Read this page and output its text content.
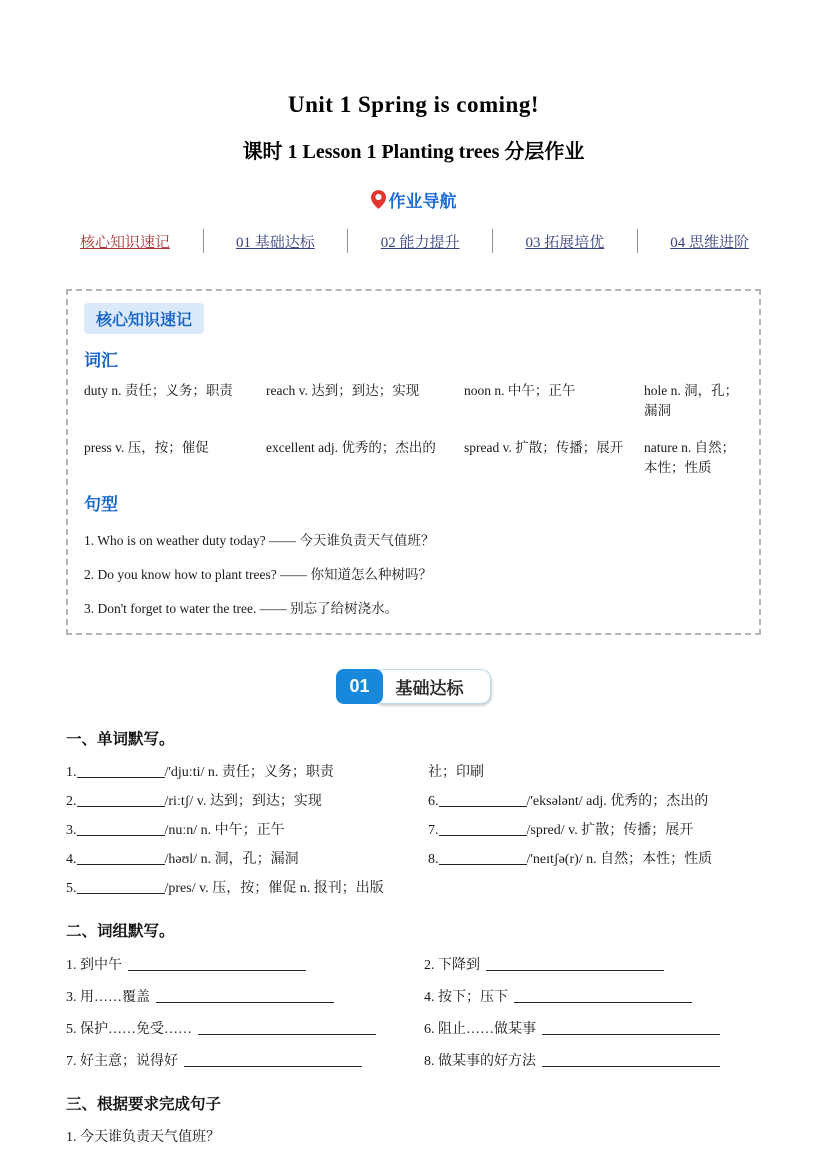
Unit 1 Spring is coming!
课时 1 Lesson 1 Planting trees 分层作业
作业导航
核心知识速记	01 基础达标	02 能力提升	03 拓展培优	04 思维进阶
核心知识速记
词汇
duty n. 责任；义务；职责	reach v. 达到；到达；实现	noon n. 中午；正午	hole n. 洞，孔；漏洞
press v. 压，按；催促	excellent adj. 优秀的；杰出的	spread v. 扩散；传播；展开	nature n. 自然；本性；性质
句型
1. Who is on weather duty today? —— 今天谁负责天气值班？
2. Do you know how to plant trees? —— 你知道怎么种树吗？
3. Don't forget to water the tree. —— 别忘了给树浇水。
01	基础达标
一、单词默写。
1.	/'djuːti/ n. 责任；义务；职责
2.	/riːtʃ/ v. 达到；到达；实现
3.	/nuːn/ n. 中午；正午
4.	/həʊl/ n. 洞，孔；漏洞
5.	/pres/ v. 压，按；催促 n. 报刊；出版
社；印刷
6.	/'eksələnt/ adj. 优秀的；杰出的
7.	/spred/ v. 扩散；传播；展开
8.	/'neɪtʃə(r)/ n. 自然；本性；性质
二、词组默写。
1. 到中午	2. 下降到
3. 用……覆盖	4. 按下；压下
5. 保护……免受……	6. 阻止……做某事
7. 好主意；说得好	8. 做某事的好方法
三、根据要求完成句子
1. 今天谁负责天气值班？
